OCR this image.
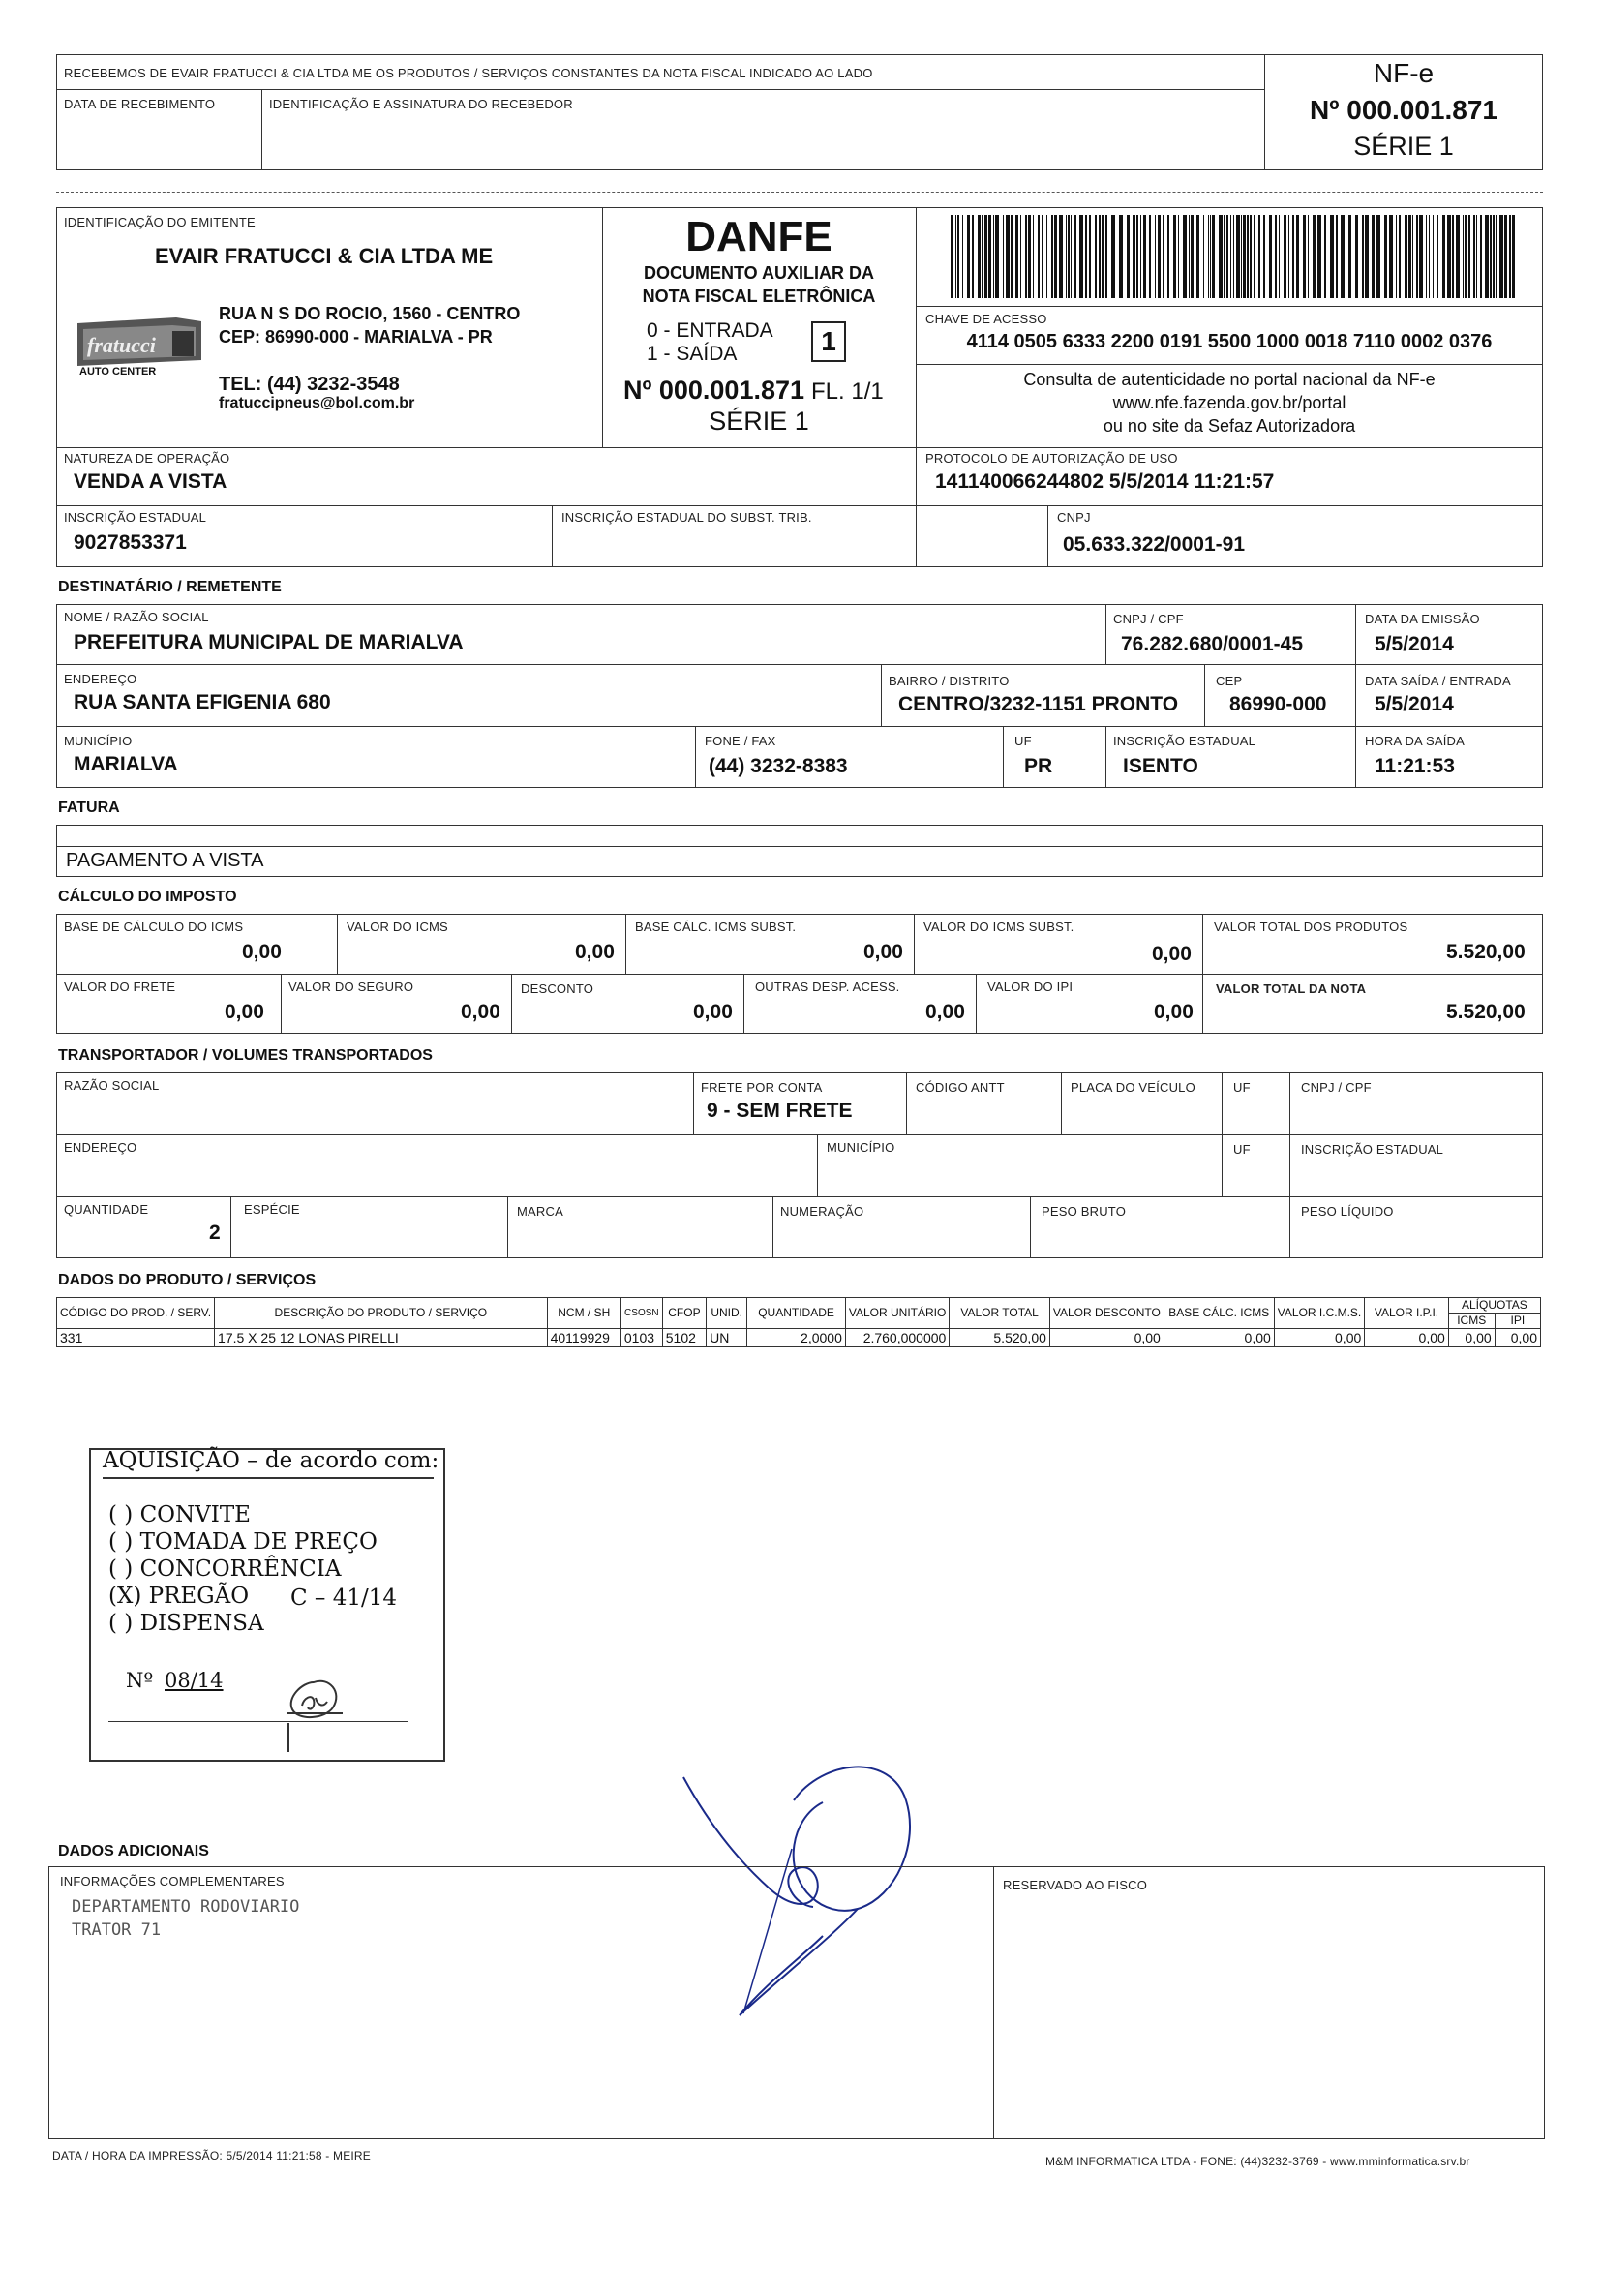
RECEBEMOS DE EVAIR FRATUCCI & CIA LTDA ME OS PRODUTOS / SERVIÇOS CONSTANTES DA NOTA FISCAL INDICADO AO LADO
DATA DE RECEBIMENTO	IDENTIFICAÇÃO E ASSINATURA DO RECEBEDOR
NF-e
Nº 000.001.871
SÉRIE 1
IDENTIFICAÇÃO DO EMITENTE
EVAIR FRATUCCI & CIA LTDA ME
fratucci
AUTO CENTER
RUA N S DO ROCIO, 1560 - CENTRO
CEP: 86990-000 - MARIALVA - PR
TEL: (44) 3232-3548
fratuccipneus@bol.com.br
DANFE
DOCUMENTO AUXILIAR DA
NOTA FISCAL ELETRÔNICA
0 - ENTRADA
1 - SAÍDA	1
Nº 000.001.871 FL. 1/1
SÉRIE 1
CHAVE DE ACESSO
4114 0505 6333 2200 0191 5500 1000 0018 7110 0002 0376
Consulta de autenticidade no portal nacional da NF-e
www.nfe.fazenda.gov.br/portal
ou no site da Sefaz Autorizadora
NATUREZA DE OPERAÇÃO
VENDA A VISTA
PROTOCOLO DE AUTORIZAÇÃO DE USO
141140066244802 5/5/2014 11:21:57
INSCRIÇÃO ESTADUAL
9027853371
INSCRIÇÃO ESTADUAL DO SUBST. TRIB.	CNPJ
05.633.322/0001-91
DESTINATÁRIO / REMETENTE
NOME / RAZÃO SOCIAL
PREFEITURA MUNICIPAL DE MARIALVA
CNPJ / CPF
76.282.680/0001-45
DATA DA EMISSÃO
5/5/2014
ENDEREÇO
RUA SANTA EFIGENIA 680
BAIRRO / DISTRITO
CENTRO/3232-1151 PRONTO
CEP
86990-000
DATA SAÍDA / ENTRADA
5/5/2014
MUNICÍPIO
MARIALVA
FONE / FAX
(44) 3232-8383
UF
PR
INSCRIÇÃO ESTADUAL
ISENTO
HORA DA SAÍDA
11:21:53
FATURA
PAGAMENTO A VISTA
CÁLCULO DO IMPOSTO
BASE DE CÁLCULO DO ICMS
0,00
VALOR DO ICMS
0,00
BASE CÁLC. ICMS SUBST.
0,00
VALOR DO ICMS SUBST.
0,00
VALOR TOTAL DOS PRODUTOS
5.520,00
VALOR DO FRETE
0,00
VALOR DO SEGURO
0,00
DESCONTO
0,00
OUTRAS DESP. ACESS.
0,00
VALOR DO IPI
0,00
VALOR TOTAL DA NOTA
5.520,00
TRANSPORTADOR / VOLUMES TRANSPORTADOS
RAZÃO SOCIAL	FRETE POR CONTA
9 - SEM FRETE
CÓDIGO ANTT	PLACA DO VEÍCULO	UF	CNPJ / CPF
ENDEREÇO	MUNICÍPIO	UF	INSCRIÇÃO ESTADUAL
QUANTIDADE
2
ESPÉCIE	MARCA	NUMERAÇÃO	PESO BRUTO	PESO LÍQUIDO
DADOS DO PRODUTO / SERVIÇOS
CÓDIGO DO PROD. / SERV.	DESCRIÇÃO DO PRODUTO / SERVIÇO	NCM / SH	CSOSN	CFOP	UNID.	QUANTIDADE	VALOR UNITÁRIO	VALOR TOTAL	VALOR DESCONTO	BASE CÁLC. ICMS	VALOR I.C.M.S.	VALOR I.P.I.	ALÍQUOTAS	
													ICMS	IPI
331	17.5 X 25 12 LONAS PIRELLI	40119929	0103	5102	UN	2,0000	2.760,000000	5.520,00	0,00	0,00	0,00	0,00	0,00	0,00
AQUISIÇÃO – de acordo com:
( ) CONVITE
( ) TOMADA DE PREÇO
( ) CONCORRÊNCIA
(X) PREGÃO C – 41/14
( ) DISPENSA
Nº 08/14
DADOS ADICIONAIS
INFORMAÇÕES COMPLEMENTARES
DEPARTAMENTO RODOVIARIO
TRATOR 71
RESERVADO AO FISCO
DATA / HORA DA IMPRESSÃO: 5/5/2014 11:21:58 - MEIRE	M&M INFORMATICA LTDA - FONE: (44)3232-3769 - www.mminformatica.srv.br
